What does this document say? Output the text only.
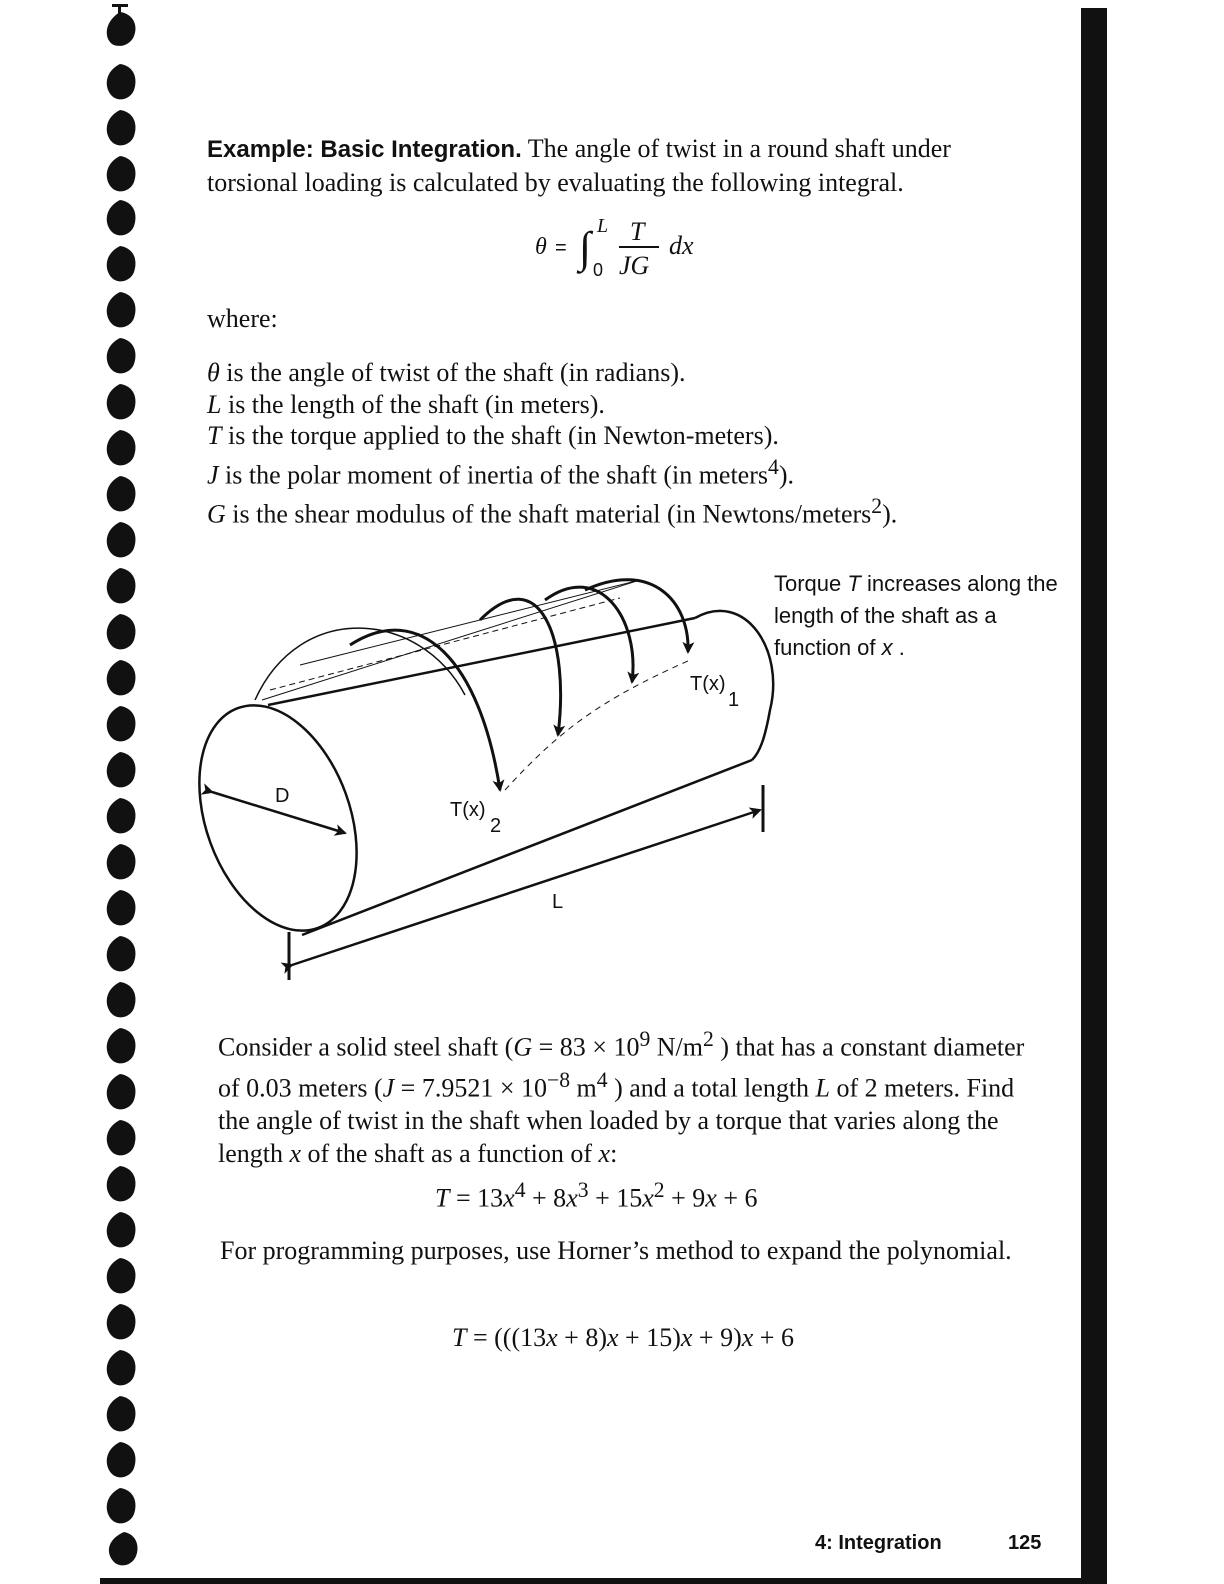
Example: Basic Integration. The angle of twist in a round shaft under torsional loading is calculated by evaluating the following integral.
θ = ∫ L
0
T
JG
dx
where:
θ is the angle of twist of the shaft (in radians).
L is the length of the shaft (in meters).
T is the torque applied to the shaft (in Newton-meters).
J is the polar moment of inertia of the shaft (in meters$^4$).
G is the shear modulus of the shaft material (in Newtons/meters$^2$).
D
L
T(x)
1
T(x)
2
Torque T increases along the length of the shaft as a function of x .
Consider a solid steel shaft ($G = 83 \times 10^9$ $N/m^2$ ) that has a constant diameter of 0.03 meters ($J = 7.9521 \times 10^{-8}$ $m^4$ ) and a total length L of 2 meters. Find the angle of twist in the shaft when loaded by a torque that varies along the length x of the shaft as a function of x:
$T = 13x^4 + 8x^3 + 15x^2 + 9x + 6$
For programming purposes, use Horner’s method to expand the polynomial.
T = (((13x + 8)x + 15)x + 9)x + 6
4: Integration	125
